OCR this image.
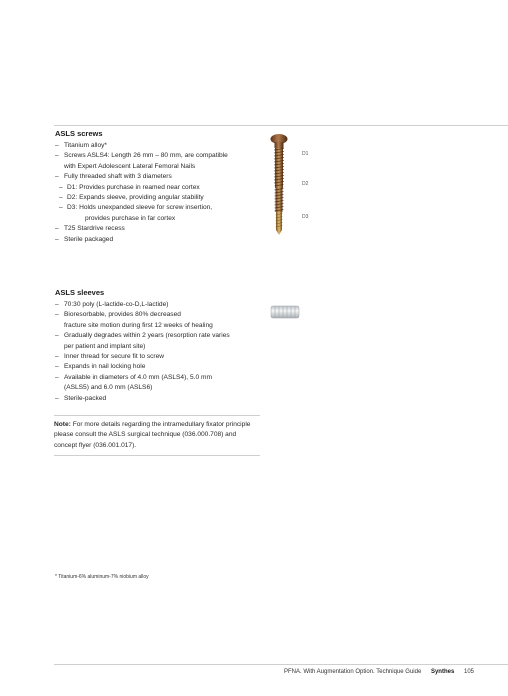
ASLS screws
– Titanium alloy*
– Screws ASLS4: Length 26 mm – 80 mm, are compatible
with Expert Adolescent Lateral Femoral Nails
– Fully threaded shaft with 3 diameters
– D1: Provides purchase in reamed near cortex
– D2: Expands sleeve, providing angular stability
– D3: Holds unexpanded sleeve for screw insertion,
provides purchase in far cortex
– T25 Stardrive recess
– Sterile packaged
D1
D2
D3
ASLS sleeves
– 70:30 poly (L-lactide-co-D,L-lactide)
– Bioresorbable, provides 80% decreased
fracture site motion during first 12 weeks of healing
– Gradually degrades within 2 years (resorption rate varies
per patient and implant site)
– Inner thread for secure fit to screw
– Expands in nail locking hole
– Available in diameters of 4.0 mm (ASLS4), 5.0 mm
(ASLS5) and 6.0 mm (ASLS6)
– Sterile-packed
Note: For more details regarding the intramedullary fixator principle please consult the ASLS surgical technique (036.000.708) and concept flyer (036.001.017).
* Titanium-6% aluminum-7% niobium alloy
PFNA. With Augmentation Option. Technique Guide Synthes 105
